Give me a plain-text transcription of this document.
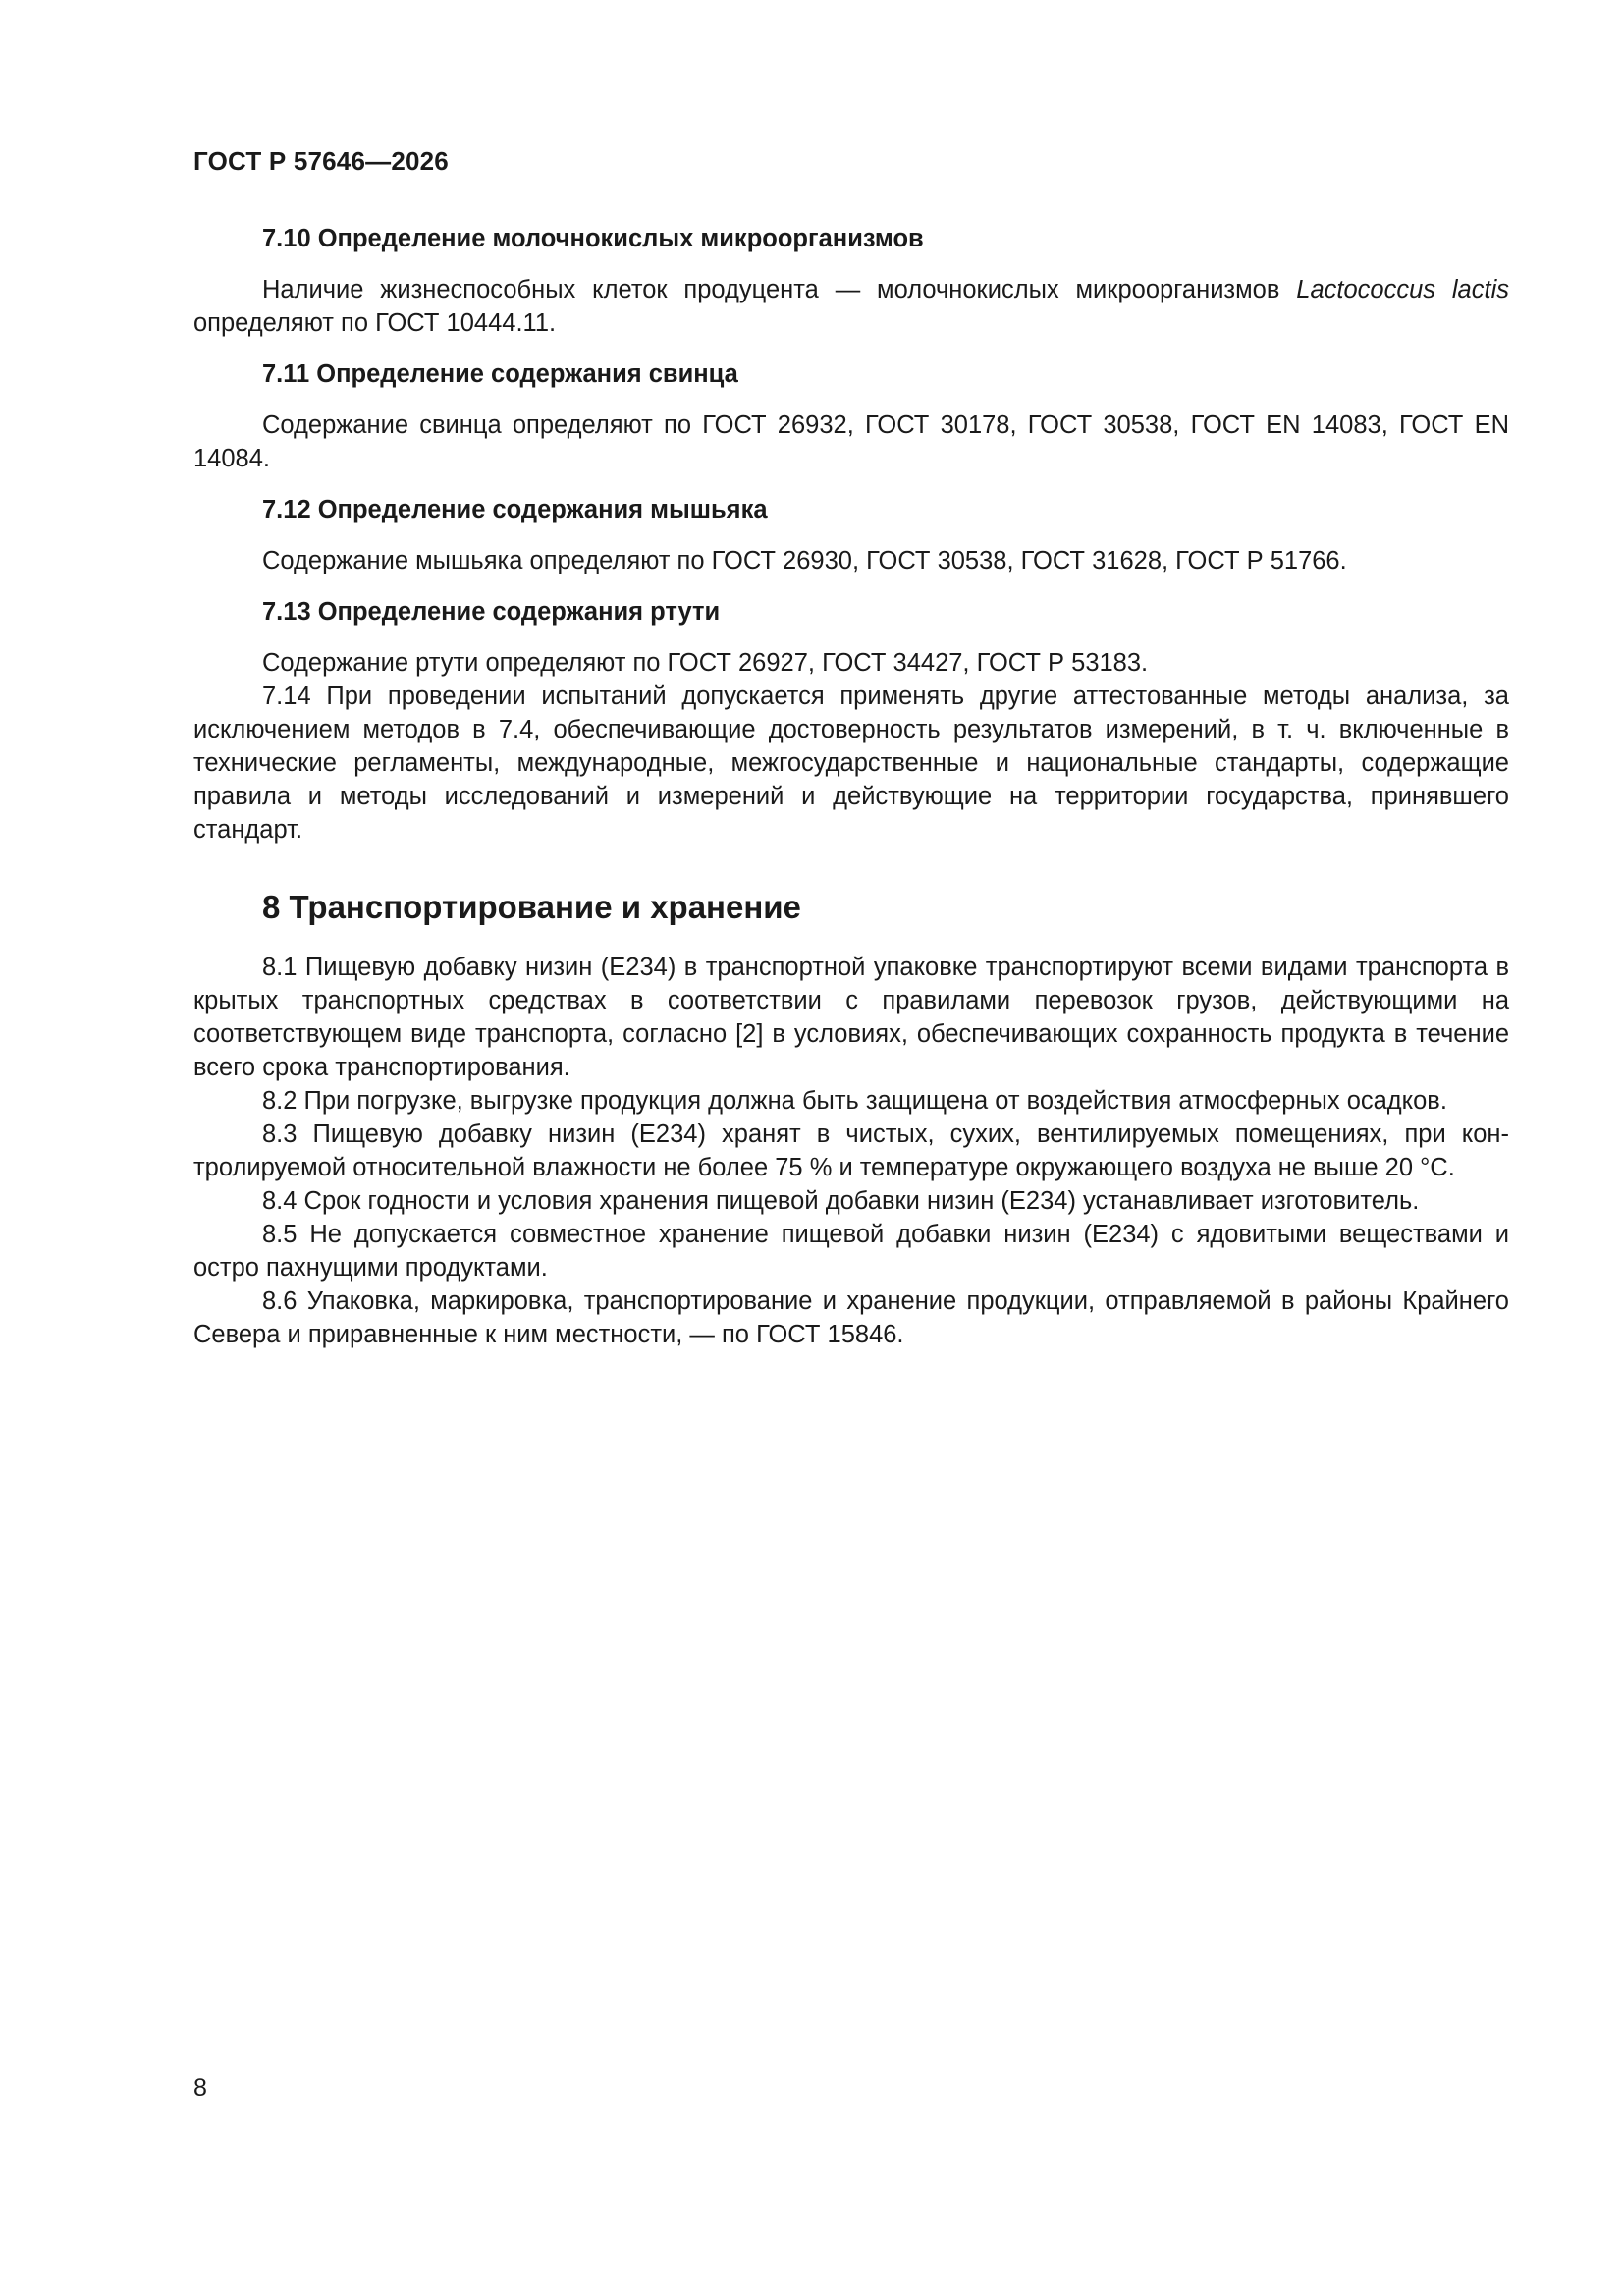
ГОСТ Р 57646—2026
7.10 Определение молочнокислых микроорганизмов
Наличие жизнеспособных клеток продуцента — молочнокислых микроорганизмов Lactococcus lactis определяют по ГОСТ 10444.11.
7.11 Определение содержания свинца
Содержание свинца определяют по ГОСТ 26932, ГОСТ 30178, ГОСТ 30538, ГОСТ EN 14083, ГОСТ EN 14084.
7.12 Определение содержания мышьяка
Содержание мышьяка определяют по ГОСТ 26930, ГОСТ 30538, ГОСТ 31628, ГОСТ Р 51766.
7.13 Определение содержания ртути
Содержание ртути определяют по ГОСТ 26927, ГОСТ 34427, ГОСТ Р 53183.
7.14 При проведении испытаний допускается применять другие аттестованные методы анализа, за исключением методов в 7.4, обеспечивающие достоверность результатов измерений, в т. ч. включенные в технические регламенты, международные, межгосударственные и национальные стандарты, содержащие правила и методы исследований и измерений и действующие на территории государства, принявшего стандарт.
8 Транспортирование и хранение
8.1 Пищевую добавку низин (E234) в транспортной упаковке транспортируют всеми видами транспорта в крытых транспортных средствах в соответствии с правилами перевозок грузов, действующими на соответствующем виде транспорта, согласно [2] в условиях, обеспечивающих сохранность продукта в течение всего срока транспортирования.
8.2 При погрузке, выгрузке продукция должна быть защищена от воздействия атмосферных осадков.
8.3 Пищевую добавку низин (E234) хранят в чистых, сухих, вентилируемых помещениях, при контролируемой относительной влажности не более 75 % и температуре окружающего воздуха не выше 20 °С.
8.4 Срок годности и условия хранения пищевой добавки низин (E234) устанавливает изготовитель.
8.5 Не допускается совместное хранение пищевой добавки низин (E234) с ядовитыми веществами и остро пахнущими продуктами.
8.6 Упаковка, маркировка, транспортирование и хранение продукции, отправляемой в районы Крайнего Севера и приравненные к ним местности, — по ГОСТ 15846.
8
